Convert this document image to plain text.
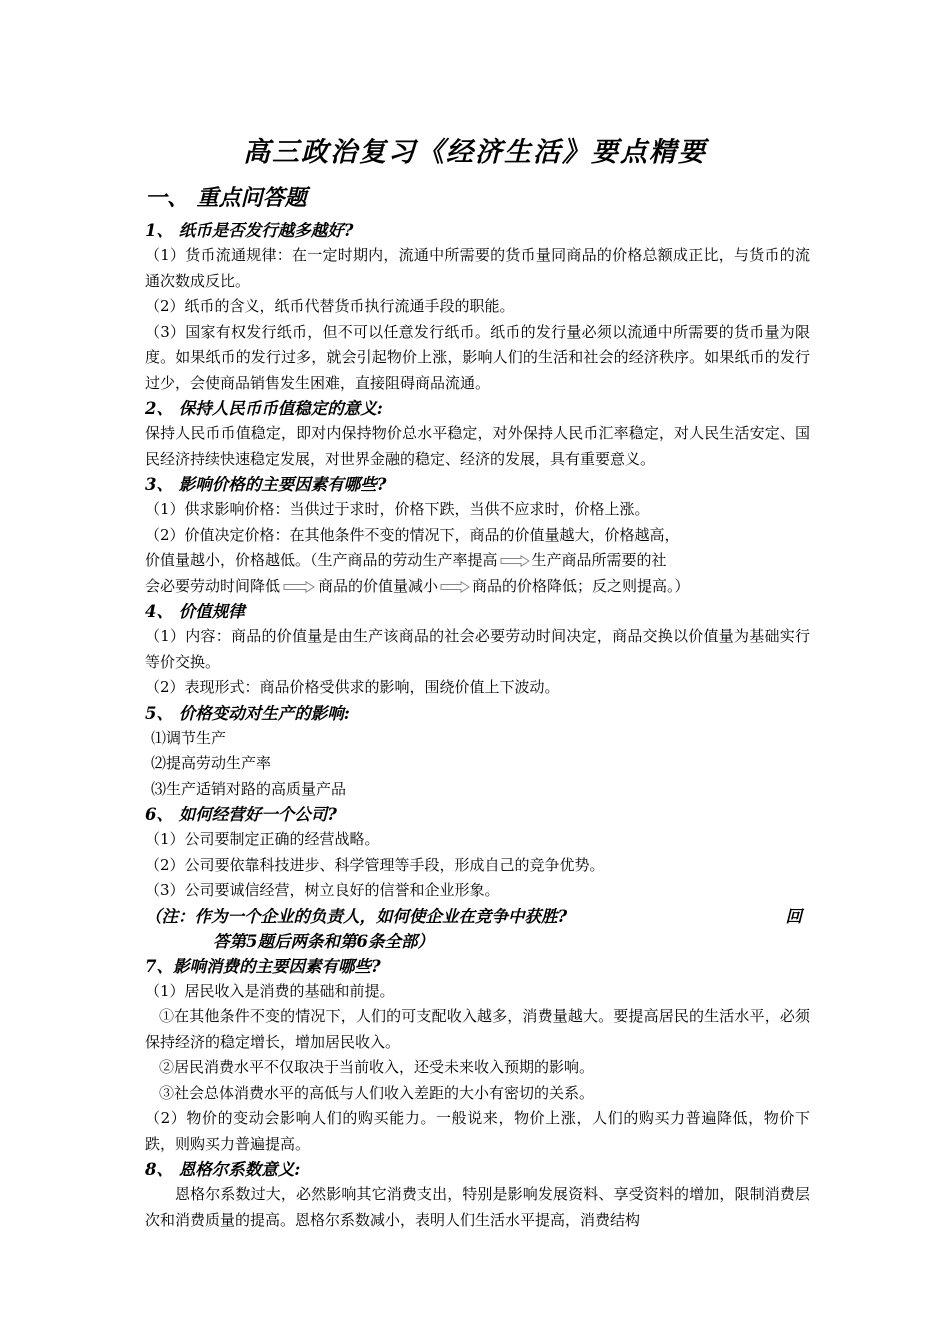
高三政治复习《经济生活》要点精要
一、 重点问答题
1、 纸币是否发行越多越好?
（1）货币流通规律：在一定时期内，流通中所需要的货币量同商品的价格总额成正比，与货币的流通次数成反比。
（2）纸币的含义，纸币代替货币执行流通手段的职能。
（3）国家有权发行纸币，但不可以任意发行纸币。纸币的发行量必须以流通中所需要的货币量为限度。如果纸币的发行过多，就会引起物价上涨，影响人们的生活和社会的经济秩序。如果纸币的发行过少，会使商品销售发生困难，直接阻碍商品流通。
2、 保持人民币币值稳定的意义:
保持人民币币值稳定，即对内保持物价总水平稳定，对外保持人民币汇率稳定，对人民生活安定、国民经济持续快速稳定发展，对世界金融的稳定、经济的发展，具有重要意义。
3、 影响价格的主要因素有哪些?
（1）供求影响价格：当供过于求时，价格下跌，当供不应求时，价格上涨。
（2）价值决定价格：在其他条件不变的情况下，商品的价值量越大，价格越高，
价值量越小，价格越低。（生产商品的劳动生产率提高 生产商品所需要的社
会必要劳动时间降低	商品的价值量减小 商品的价格降低；反之则提高。）
4、 价值规律
（1）内容：商品的价值量是由生产该商品的社会必要劳动时间决定，商品交换以价值量为基础实行等价交换。
（2）表现形式：商品价格受供求的影响，围绕价值上下波动。
5、 价格变动对生产的影响:
⑴调节生产
⑵提高劳动生产率
⑶生产适销对路的高质量产品
6、 如何经营好一个公司?
（1）公司要制定正确的经营战略。
（2）公司要依靠科技进步、科学管理等手段，形成自己的竞争优势。
（3）公司要诚信经营，树立良好的信誉和企业形象。
（注：作为一个企业的负责人，如何使企业在竞争中获胜?	回
答第5题后两条和第6条全部）
7、影响消费的主要因素有哪些?
（1）居民收入是消费的基础和前提。
①在其他条件不变的情况下，人们的可支配收入越多，消费量越大。要提高居民的生活水平，必须保持经济的稳定增长，增加居民收入。
②居民消费水平不仅取决于当前收入，还受未来收入预期的影响。
③社会总体消费水平的高低与人们收入差距的大小有密切的关系。
（2）物价的变动会影响人们的购买能力。一般说来，物价上涨，人们的购买力普遍降低，物价下跌，则购买力普遍提高。
8、 恩格尔系数意义:
恩格尔系数过大，必然影响其它消费支出，特别是影响发展资料、享受资料的增加，限制消费层次和消费质量的提高。恩格尔系数减小，表明人们生活水平提高，消费结构
